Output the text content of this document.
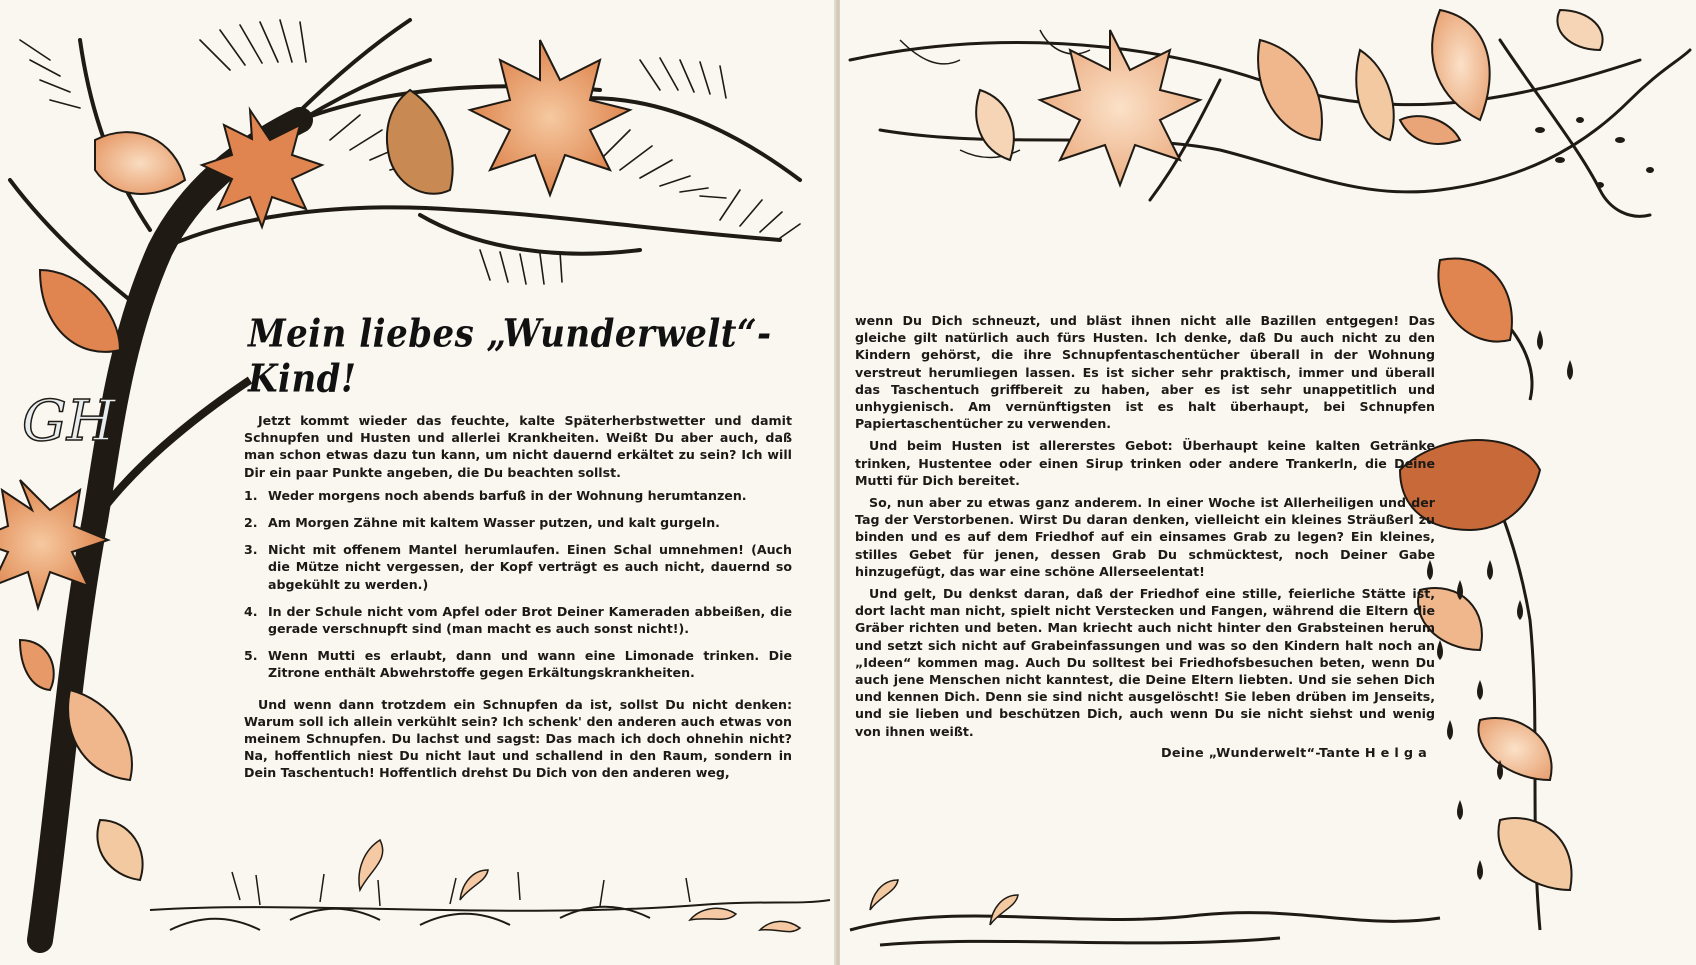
GH
Mein liebes „Wunderwelt“-Kind!

Jetzt kommt wieder das feuchte, kalte Späterherbstwetter und damit Schnupfen und Husten und allerlei Krankheiten. Weißt Du aber auch, daß man schon etwas dazu tun kann, um nicht dauernd erkältet zu sein? Ich will Dir ein paar Punkte angeben, die Du beachten sollst.

1. Weder morgens noch abends barfuß in der Wohnung herumtanzen.
2. Am Morgen Zähne mit kaltem Wasser putzen, und kalt gurgeln.
3. Nicht mit offenem Mantel herumlaufen. Einen Schal umnehmen! (Auch die Mütze nicht vergessen, der Kopf verträgt es auch nicht, dauernd so abgekühlt zu werden.)
4. In der Schule nicht vom Apfel oder Brot Deiner Kameraden abbeißen, die gerade verschnupft sind (man macht es auch sonst nicht!).
5. Wenn Mutti es erlaubt, dann und wann eine Limonade trinken. Die Zitrone enthält Abwehrstoffe gegen Erkältungskrankheiten.

Und wenn dann trotzdem ein Schnupfen da ist, sollst Du nicht denken: Warum soll ich allein verkühlt sein? Ich schenk' den anderen auch etwas von meinem Schnupfen. Du lachst und sagst: Das mach ich doch ohnehin nicht? Na, hoffentlich niest Du nicht laut und schallend in den Raum, sondern in Dein Taschentuch! Hoffentlich drehst Du Dich von den anderen weg,

wenn Du Dich schneuzt, und bläst ihnen nicht alle Bazillen entgegen! Das gleiche gilt natürlich auch fürs Husten. Ich denke, daß Du auch nicht zu den Kindern gehörst, die ihre Schnupfentaschentücher überall in der Wohnung verstreut herumliegen lassen. Es ist sicher sehr praktisch, immer und überall das Taschentuch griffbereit zu haben, aber es ist sehr unappetitlich und unhygienisch. Am vernünftigsten ist es halt überhaupt, bei Schnupfen Papiertaschentücher zu verwenden.

Und beim Husten ist allererstes Gebot: Überhaupt keine kalten Getränke trinken, Hustentee oder einen Sirup trinken oder andere Trankerln, die Deine Mutti für Dich bereitet.

So, nun aber zu etwas ganz anderem. In einer Woche ist Allerheiligen und der Tag der Verstorbenen. Wirst Du daran denken, vielleicht ein kleines Sträußerl zu binden und es auf dem Friedhof auf ein einsames Grab zu legen? Ein kleines, stilles Gebet für jenen, dessen Grab Du schmücktest, noch Deiner Gabe hinzugefügt, das war eine schöne Allerseelentat!

Und gelt, Du denkst daran, daß der Friedhof eine stille, feierliche Stätte ist, dort lacht man nicht, spielt nicht Verstecken und Fangen, während die Eltern die Gräber richten und beten. Man kriecht auch nicht hinter den Grabsteinen herum und setzt sich nicht auf Grabeinfassungen und was so den Kindern halt noch an „Ideen“ kommen mag. Auch Du solltest bei Friedhofsbesuchen beten, wenn Du auch jene Menschen nicht kanntest, die Deine Eltern liebten. Und sie sehen Dich und kennen Dich. Denn sie sind nicht ausgelöscht! Sie leben drüben im Jenseits, und sie lieben und beschützen Dich, auch wenn Du sie nicht siehst und wenig von ihnen weißt.

Deine „Wunderwelt“-Tante H e l g a
